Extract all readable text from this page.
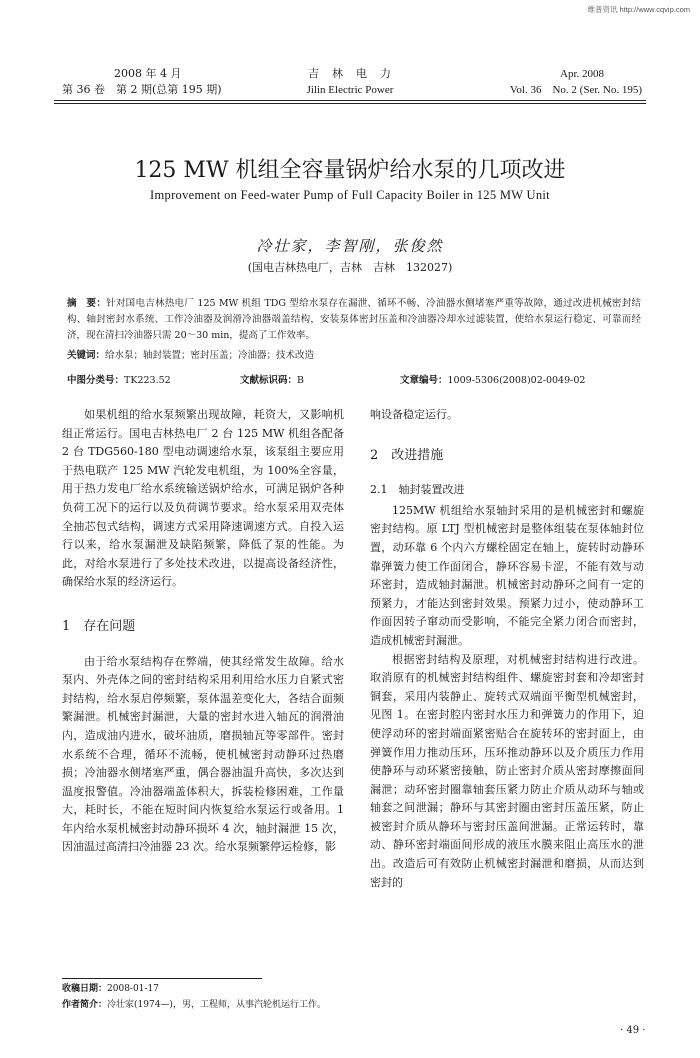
维普资讯 http://www.cqvip.com
2008 年 4 月
第 36 卷　第 2 期(总第 195 期)
吉　林　电　力
Jilin Electric Power
Apr. 2008
Vol. 36　No. 2 (Ser. No. 195)
125 MW 机组全容量锅炉给水泵的几项改进
Improvement on Feed-water Pump of Full Capacity Boiler in 125 MW Unit
冷壮家，李智刚，张俊然
(国电吉林热电厂，吉林　吉林　132027)
摘　要：针对国电吉林热电厂 125 MW 机组 TDG 型给水泵存在漏泄、循环不畅、冷油器水侧堵塞严重等故障，通过改进机械密封结构、轴封密封水系统、工作冷油器及润滑冷油器端盖结构，安装泵体密封压盖和冷油器冷却水过滤装置，使给水泵运行稳定、可靠而经济，现在清扫冷油器只需 20～30 min，提高了工作效率。
关键词：给水泵；轴封装置；密封压盖；冷油器；技术改造
中图分类号：TK223.52	文献标识码：B	文章编号：1009-5306(2008)02-0049-02

如果机组的给水泵频繁出现故障，耗资大，又影响机组正常运行。国电吉林热电厂 2 台 125 MW 机组各配备 2 台 TDG560-180 型电动调速给水泵，该泵组主要应用于热电联产 125 MW 汽轮发电机组，为 100%全容量，用于热力发电厂给水系统输送锅炉给水，可满足锅炉各种负荷工况下的运行以及负荷调节要求。给水泵采用双壳体全抽芯包式结构，调速方式采用降速调速方式。自投入运行以来，给水泵漏泄及缺陷频繁，降低了泵的性能。为此，对给水泵进行了多处技术改进，以提高设备经济性，确保给水泵的经济运行。

1　存在问题

由于给水泵结构存在弊端，使其经常发生故障。给水泵内、外壳体之间的密封结构采用利用给水压力自紧式密封结构，给水泵启停频繁，泵体温差变化大，各结合面频繁漏泄。机械密封漏泄，大量的密封水进入轴瓦的润滑油内，造成油内进水，破坏油质，磨损轴瓦等零部件。密封水系统不合理，循环不流畅，使机械密封动静环过热磨损；冷油器水侧堵塞严重，偶合器油温升高快，多次达到温度报警值。冷油器端盖体积大，拆装检修困难，工作量大，耗时长，不能在短时间内恢复给水泵运行或备用。1 年内给水泵机械密封动静环损坏 4 次，轴封漏泄 15 次，因油温过高清扫冷油器 23 次。给水泵频繁停运检修，影

响设备稳定运行。

2　改进措施
2.1　轴封装置改进

125MW 机组给水泵轴封采用的是机械密封和螺旋密封结构。原 LTJ 型机械密封是整体组装在泵体轴封位置，动环靠 6 个内六方螺栓固定在轴上，旋转时动静环靠弹簧力使工作面闭合，静环容易卡涩，不能有效与动环密封，造成轴封漏泄。机械密封动静环之间有一定的预紧力，才能达到密封效果。预紧力过小，使动静环工作面因转子窜动而受影响，不能完全紧力闭合而密封，造成机械密封漏泄。

根据密封结构及原理，对机械密封结构进行改进。取消原有的机械密封结构组件、螺旋密封套和冷却密封铜套，采用内装静止、旋转式双端面平衡型机械密封，见图 1。在密封腔内密封水压力和弹簧力的作用下，迫使浮动环的密封端面紧密贴合在旋转环的密封面上，由弹簧作用力推动压环，压环推动静环以及介质压力作用使静环与动环紧密接触，防止密封介质从密封摩擦面间漏泄；动环密封圈靠轴套压紧力防止介质从动环与轴或轴套之间泄漏；静环与其密封圈由密封压盖压紧，防止被密封介质从静环与密封压盖间泄漏。正常运转时，靠动、静环密封端面间形成的液压水膜来阻止高压水的泄出。改造后可有效防止机械密封漏泄和磨损，从而达到密封的

收稿日期：2008-01-17
作者简介：冷壮家(1974—)，男，工程师，从事汽轮机运行工作。
· 49 ·
